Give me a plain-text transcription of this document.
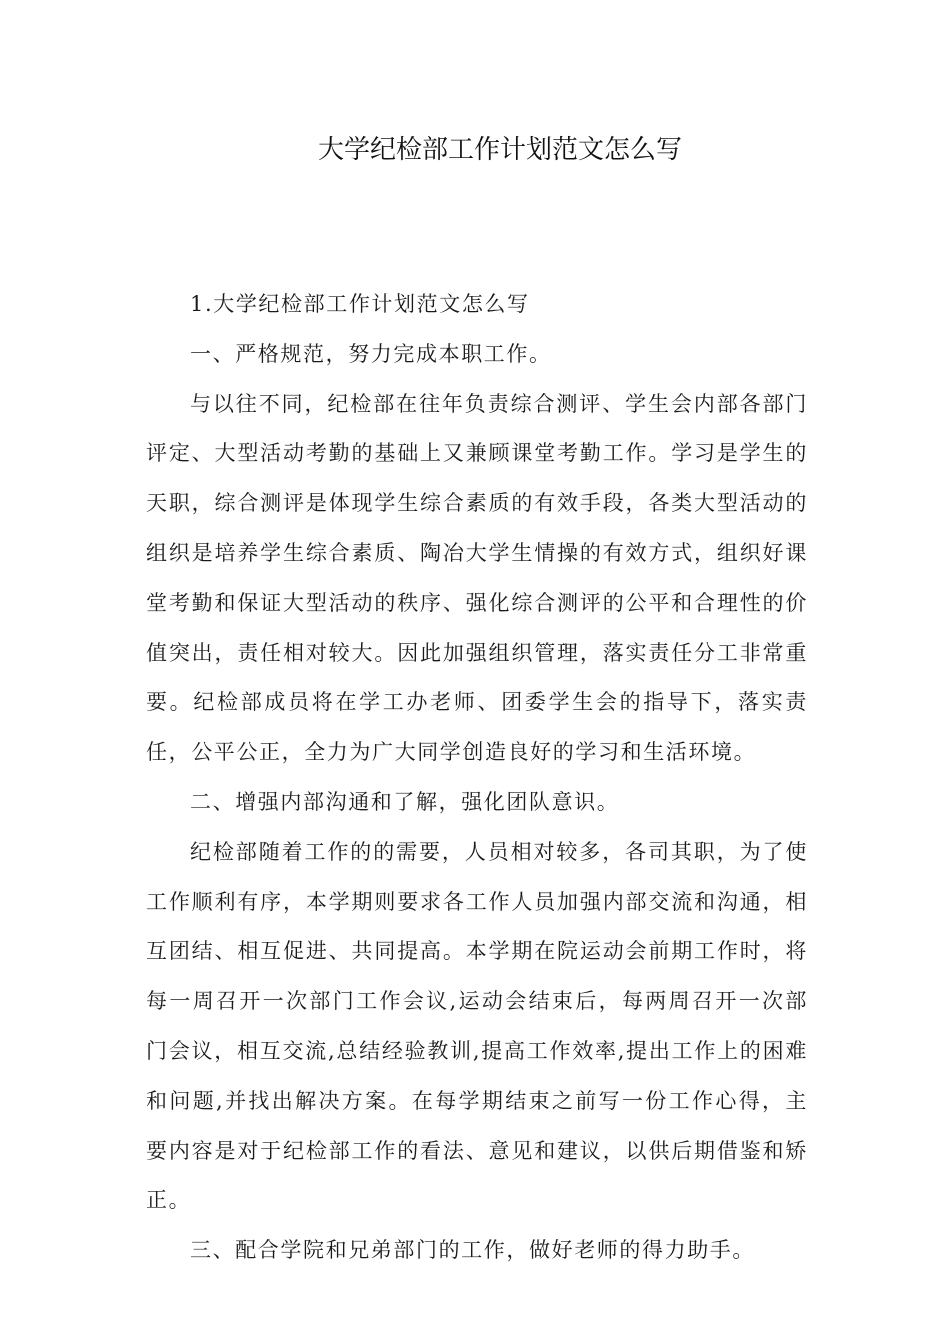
大学纪检部工作计划范文怎么写

1.大学纪检部工作计划范文怎么写

一、严格规范，努力完成本职工作。

与以往不同，纪检部在往年负责综合测评、学生会内部各部门评定、大型活动考勤的基础上又兼顾课堂考勤工作。学习是学生的天职，综合测评是体现学生综合素质的有效手段，各类大型活动的组织是培养学生综合素质、陶冶大学生情操的有效方式，组织好课堂考勤和保证大型活动的秩序、强化综合测评的公平和合理性的价值突出，责任相对较大。因此加强组织管理，落实责任分工非常重要。纪检部成员将在学工办老师、团委学生会的指导下，落实责任，公平公正，全力为广大同学创造良好的学习和生活环境。

二、增强内部沟通和了解，强化团队意识。

纪检部随着工作的的需要，人员相对较多，各司其职，为了使工作顺利有序，本学期则要求各工作人员加强内部交流和沟通，相互团结、相互促进、共同提高。本学期在院运动会前期工作时，将每一周召开一次部门工作会议,运动会结束后，每两周召开一次部门会议，相互交流,总结经验教训,提高工作效率,提出工作上的困难和问题,并找出解决方案。在每学期结束之前写一份工作心得，主要内容是对于纪检部工作的看法、意见和建议，以供后期借鉴和矫正。

三、配合学院和兄弟部门的工作，做好老师的得力助手。
